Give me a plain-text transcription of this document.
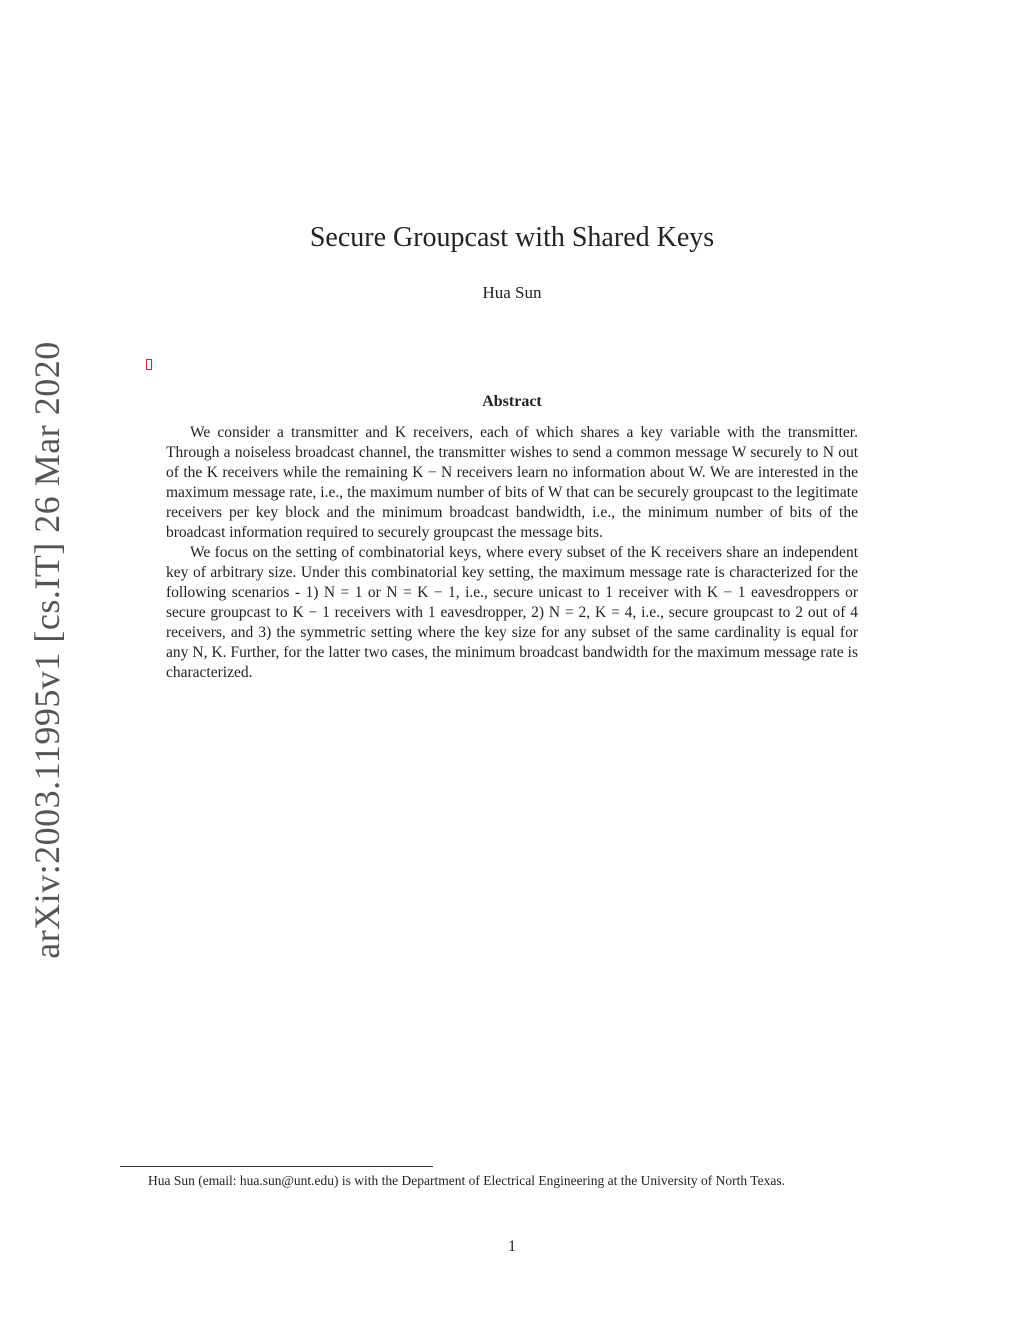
arXiv:2003.11995v1 [cs.IT] 26 Mar 2020
Secure Groupcast with Shared Keys
Hua Sun
Abstract

We consider a transmitter and K receivers, each of which shares a key variable with the transmitter. Through a noiseless broadcast channel, the transmitter wishes to send a common message W securely to N out of the K receivers while the remaining K − N receivers learn no information about W. We are interested in the maximum message rate, i.e., the maximum number of bits of W that can be securely groupcast to the legitimate receivers per key block and the minimum broadcast bandwidth, i.e., the minimum number of bits of the broadcast information required to securely groupcast the message bits.

We focus on the setting of combinatorial keys, where every subset of the K receivers share an independent key of arbitrary size. Under this combinatorial key setting, the maximum message rate is characterized for the following scenarios - 1) N = 1 or N = K − 1, i.e., secure unicast to 1 receiver with K − 1 eavesdroppers or secure groupcast to K − 1 receivers with 1 eavesdropper, 2) N = 2, K = 4, i.e., secure groupcast to 2 out of 4 receivers, and 3) the symmetric setting where the key size for any subset of the same cardinality is equal for any N, K. Further, for the latter two cases, the minimum broadcast bandwidth for the maximum message rate is characterized.

Hua Sun (email: hua.sun@unt.edu) is with the Department of Electrical Engineering at the University of North Texas.
1
